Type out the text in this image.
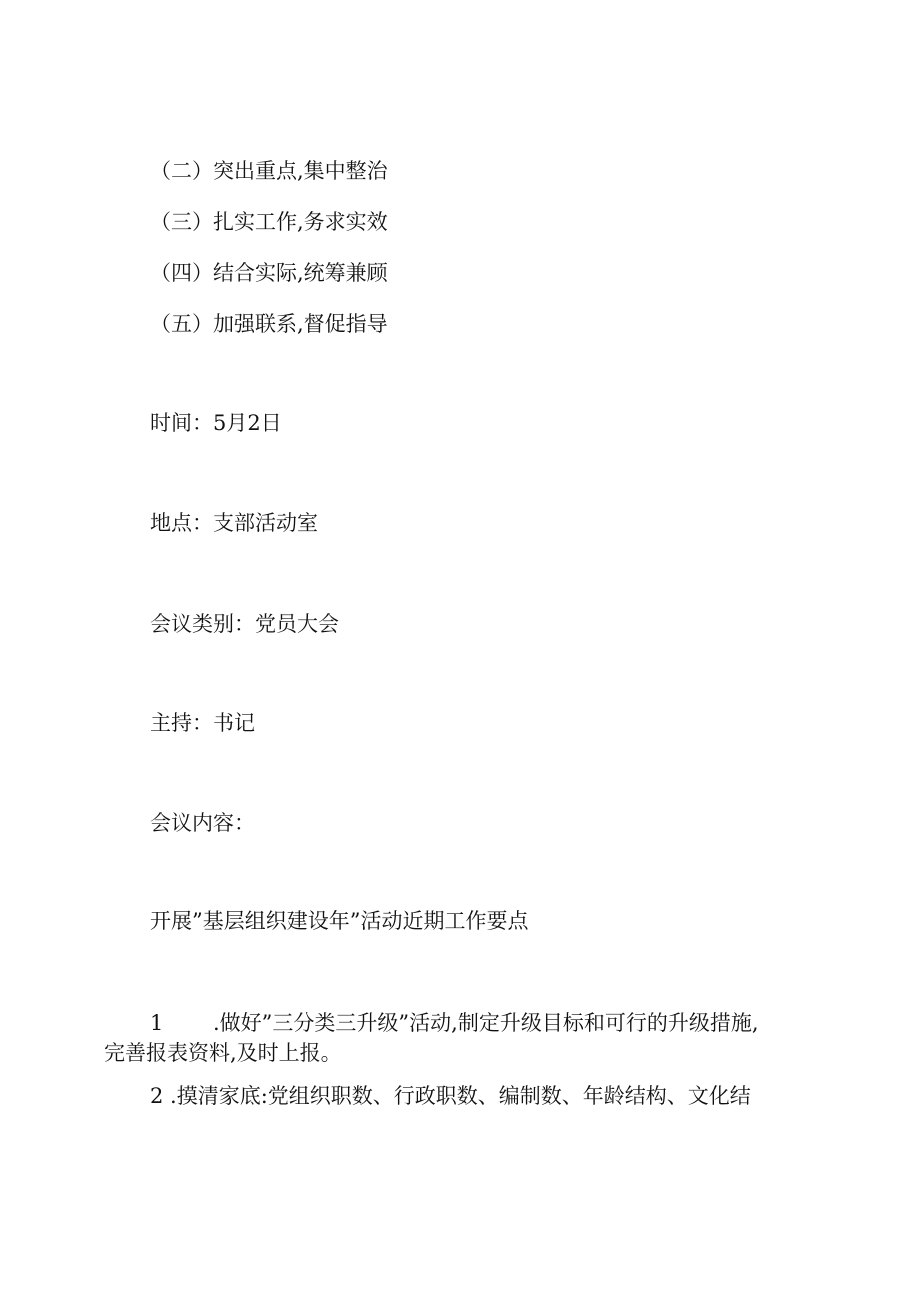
（二）突出重点,集中整治
（三）扎实工作,务求实效
（四）结合实际,统筹兼顾
（五）加强联系,督促指导
时间：5月2日
地点：支部活动室
会议类别：党员大会
主持：书记
会议内容：
开展”基层组织建设年”活动近期工作要点
1 .做好”三分类三升级”活动,制定升级目标和可行的升级措施,
完善报表资料,及时上报。
2 .摸清家底:党组织职数、行政职数、编制数、年龄结构、文化结
